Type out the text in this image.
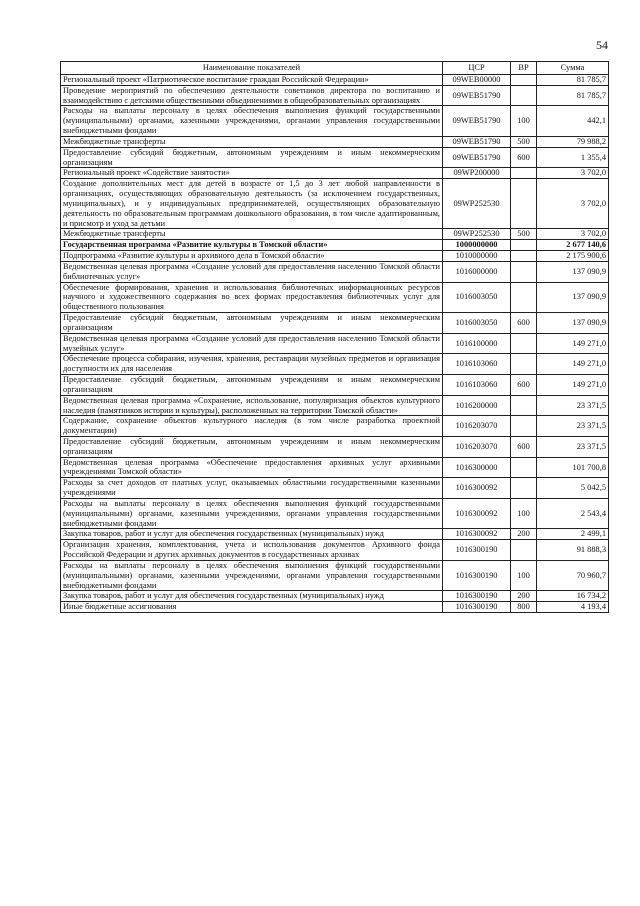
54
Наименование показателей	ЦСР	ВР	Сумма
Региональный проект «Патриотическое воспитание граждан Российской Федерации»	09WEB00000		81 785,7
Проведение мероприятий по обеспечению деятельности советников директора по воспитанию и взаимодействию с детскими общественными объединениями в общеобразовательных организациях	09WEB51790		81 785,7
Расходы на выплаты персоналу в целях обеспечения выполнения функций государственными (муниципальными) органами, казенными учреждениями, органами управления государственными внебюджетными фондами	09WEB51790	100	442,1
Межбюджетные трансферты	09WEB51790	500	79 988,2
Предоставление субсидий бюджетным, автономным учреждениям и иным некоммерческим организациям	09WEB51790	600	1 355,4
Региональный проект «Содействие занятости»	09WP200000		3 702,0
Создание дополнительных мест для детей в возрасте от 1,5 до 3 лет любой направленности в организациях, осуществляющих образовательную деятельность (за исключением государственных, муниципальных), и у индивидуальных предпринимателей, осуществляющих образовательную деятельность по образовательным программам дошкольного образования, в том числе адаптированным, и присмотр и уход за детьми	09WP252530		3 702,0
Межбюджетные трансферты	09WP252530	500	3 702,0
Государственная программа «Развитие культуры в Томской области»	1000000000		2 677 140,6
Подпрограмма «Развитие культуры и архивного дела в Томской области»	1010000000		2 175 900,6
Ведомственная целевая программа «Создание условий для предоставления населению Томской области библиотечных услуг»	1016000000		137 090,9
Обеспечение формирования, хранения и использования библиотечных информационных ресурсов научного и художественного содержания во всех формах предоставления библиотечных услуг для общественного пользования	1016003050		137 090,9
Предоставление субсидий бюджетным, автономным учреждениям и иным некоммерческим организациям	1016003050	600	137 090,9
Ведомственная целевая программа «Создание условий для предоставления населению Томской области музейных услуг»	1016100000		149 271,0
Обеспечение процесса собирания, изучения, хранения, реставрации музейных предметов и организация доступности их для населения	1016103060		149 271,0
Предоставление субсидий бюджетным, автономным учреждениям и иным некоммерческим организациям	1016103060	600	149 271,0
Ведомственная целевая программа «Сохранение, использование, популяризация объектов культурного наследия (памятников истории и культуры), расположенных на территории Томской области»	1016200000		23 371,5
Содержание, сохранение объектов культурного наследия (в том числе разработка проектной документации)	1016203070		23 371,5
Предоставление субсидий бюджетным, автономным учреждениям и иным некоммерческим организациям	1016203070	600	23 371,5
Ведомственная целевая программа «Обеспечение предоставления архивных услуг архивными учреждениями Томской области»	1016300000		101 700,8
Расходы за счет доходов от платных услуг, оказываемых областными государственными казенными учреждениями	1016300092		5 042,5
Расходы на выплаты персоналу в целях обеспечения выполнения функций государственными (муниципальными) органами, казенными учреждениями, органами управления государственными внебюджетными фондами	1016300092	100	2 543,4
Закупка товаров, работ и услуг для обеспечения государственных (муниципальных) нужд	1016300092	200	2 499,1
Организация хранения, комплектования, учета и использования документов Архивного фонда Российской Федерации и других архивных документов в государственных архивах	1016300190		91 888,3
Расходы на выплаты персоналу в целях обеспечения выполнения функций государственными (муниципальными) органами, казенными учреждениями, органами управления государственными внебюджетными фондами	1016300190	100	70 960,7
Закупка товаров, работ и услуг для обеспечения государственных (муниципальных) нужд	1016300190	200	16 734,2
Иные бюджетные ассигнования	1016300190	800	4 193,4
